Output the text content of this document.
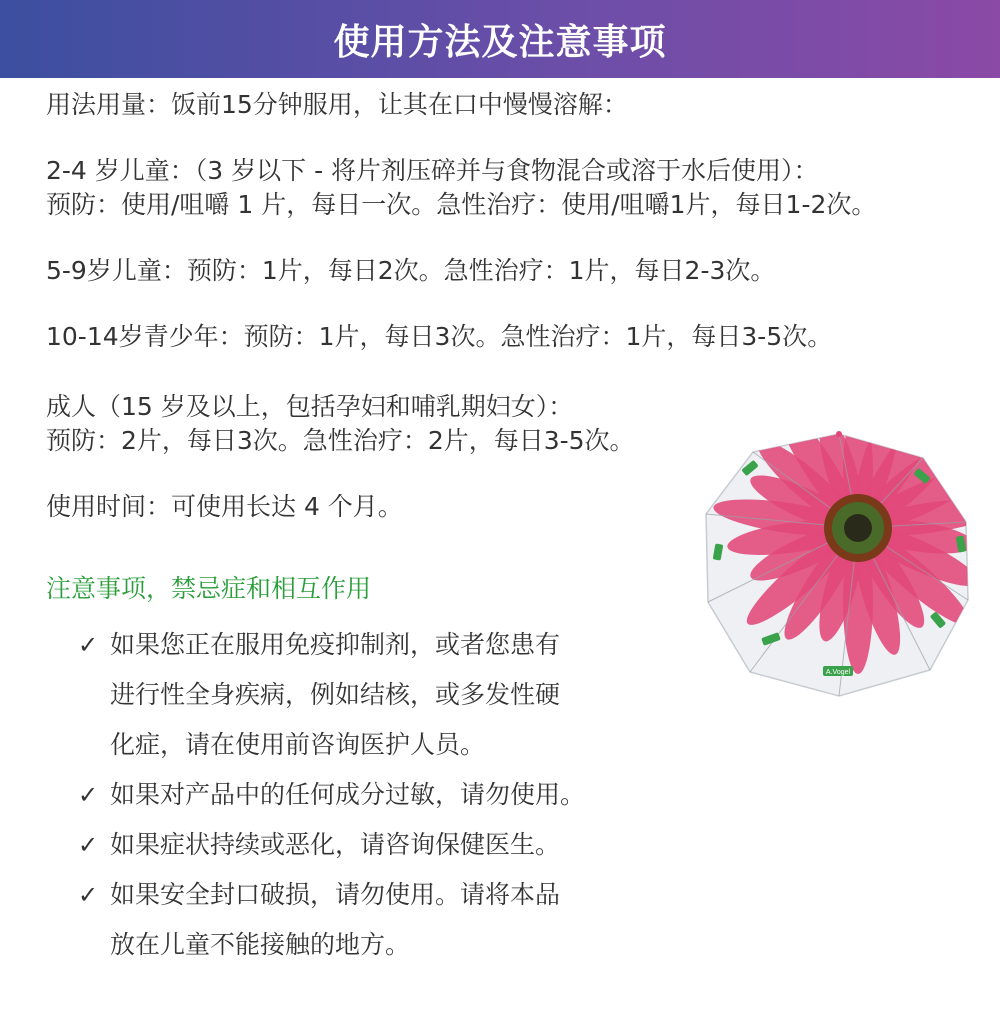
使用方法及注意事项

用法用量：饭前15分钟服用，让其在口中慢慢溶解：

2-4 岁儿童：（3 岁以下 - 将片剂压碎并与食物混合或溶于水后使用）：
预防：使用/咀嚼 1 片，每日一次。急性治疗：使用/咀嚼1片，每日1-2次。

5-9岁儿童：预防：1片，每日2次。急性治疗：1片，每日2-3次。

10-14岁青少年：预防：1片，每日3次。急性治疗：1片，每日3-5次。

成人（15 岁及以上，包括孕妇和哺乳期妇女）：
预防：2片，每日3次。急性治疗：2片，每日3-5次。

使用时间：可使用长达 4 个月。

注意事项，禁忌症和相互作用
✓ 如果您正在服用免疫抑制剂，或者您患有
进行性全身疾病，例如结核，或多发性硬
化症，请在使用前咨询医护人员。
✓ 如果对产品中的任何成分过敏，请勿使用。
✓ 如果症状持续或恶化，请咨询保健医生。
✓ 如果安全封口破损，请勿使用。请将本品
放在儿童不能接触的地方。
A.Vogel
